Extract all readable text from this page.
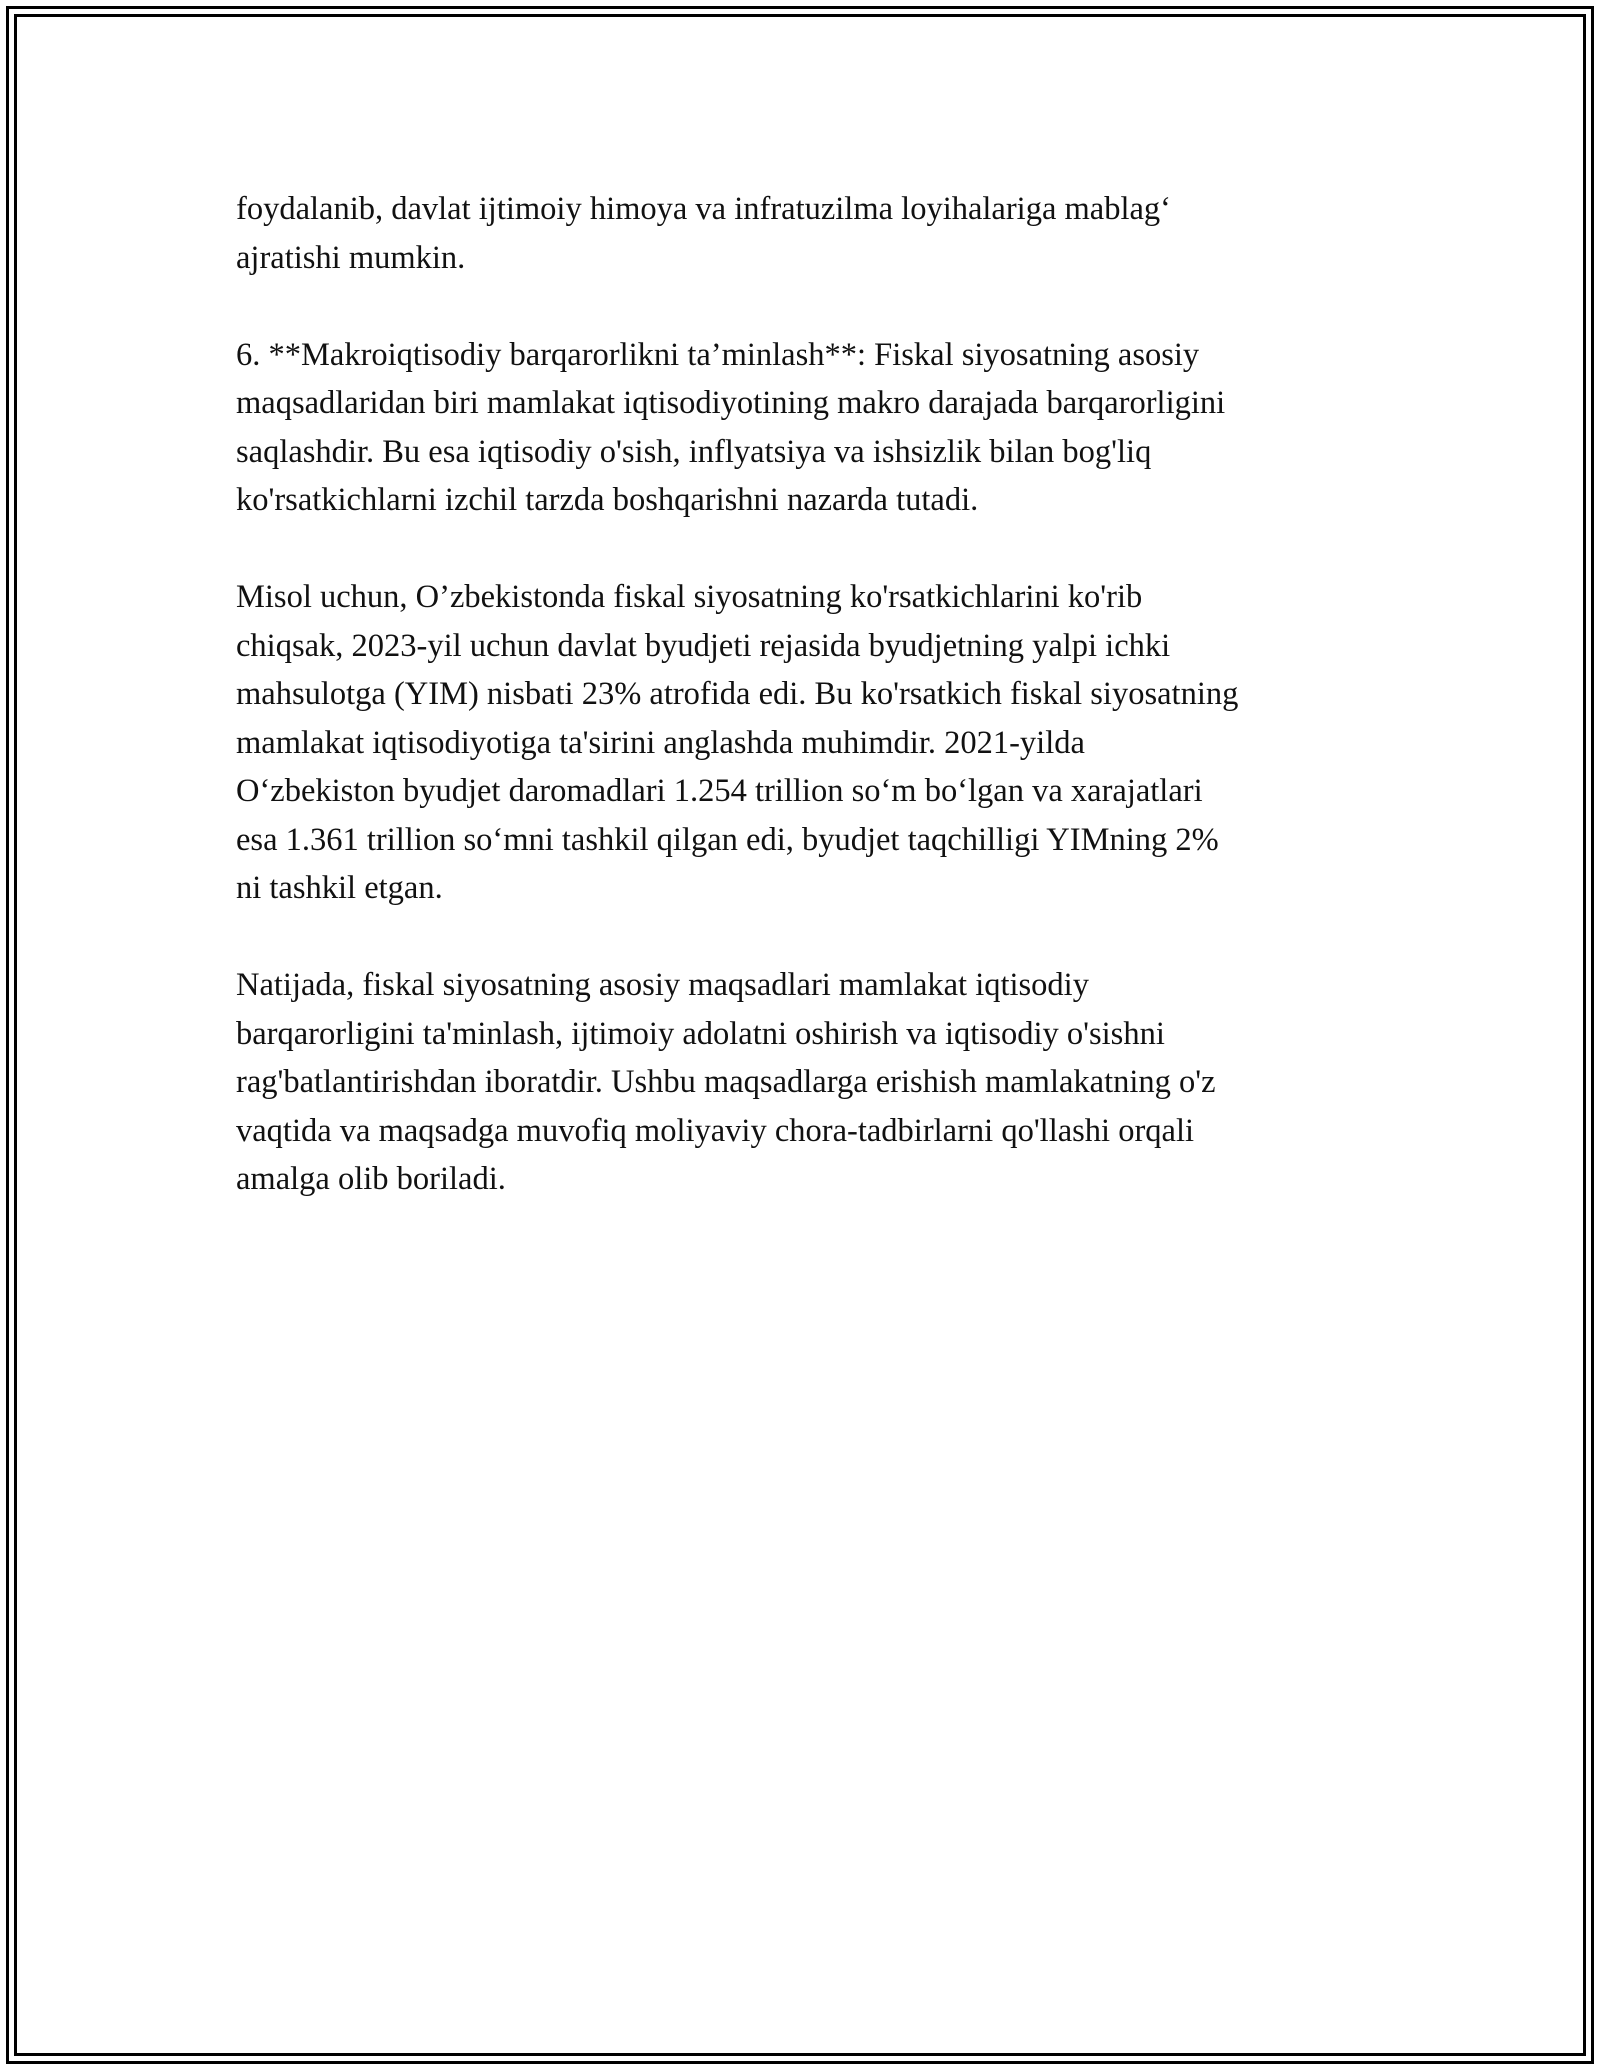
foydalanib, davlat ijtimoiy himoya va infratuzilma loyihalariga mablag‘
ajratishi mumkin.

6. **Makroiqtisodiy barqarorlikni ta’minlash**: Fiskal siyosatning asosiy
maqsadlaridan biri mamlakat iqtisodiyotining makro darajada barqarorligini
saqlashdir. Bu esa iqtisodiy o'sish, inflyatsiya va ishsizlik bilan bog'liq
ko'rsatkichlarni izchil tarzda boshqarishni nazarda tutadi.

Misol uchun, O’zbekistonda fiskal siyosatning ko'rsatkichlarini ko'rib
chiqsak, 2023-yil uchun davlat byudjeti rejasida byudjetning yalpi ichki
mahsulotga (YIM) nisbati 23% atrofida edi. Bu ko'rsatkich fiskal siyosatning
mamlakat iqtisodiyotiga ta'sirini anglashda muhimdir. 2021-yilda
O‘zbekiston byudjet daromadlari 1.254 trillion so‘m bo‘lgan va xarajatlari
esa 1.361 trillion so‘mni tashkil qilgan edi, byudjet taqchilligi YIMning 2%
ni tashkil etgan.

Natijada, fiskal siyosatning asosiy maqsadlari mamlakat iqtisodiy
barqarorligini ta'minlash, ijtimoiy adolatni oshirish va iqtisodiy o'sishni
rag'batlantirishdan iboratdir. Ushbu maqsadlarga erishish mamlakatning o'z
vaqtida va maqsadga muvofiq moliyaviy chora-tadbirlarni qo'llashi orqali
amalga olib boriladi.
